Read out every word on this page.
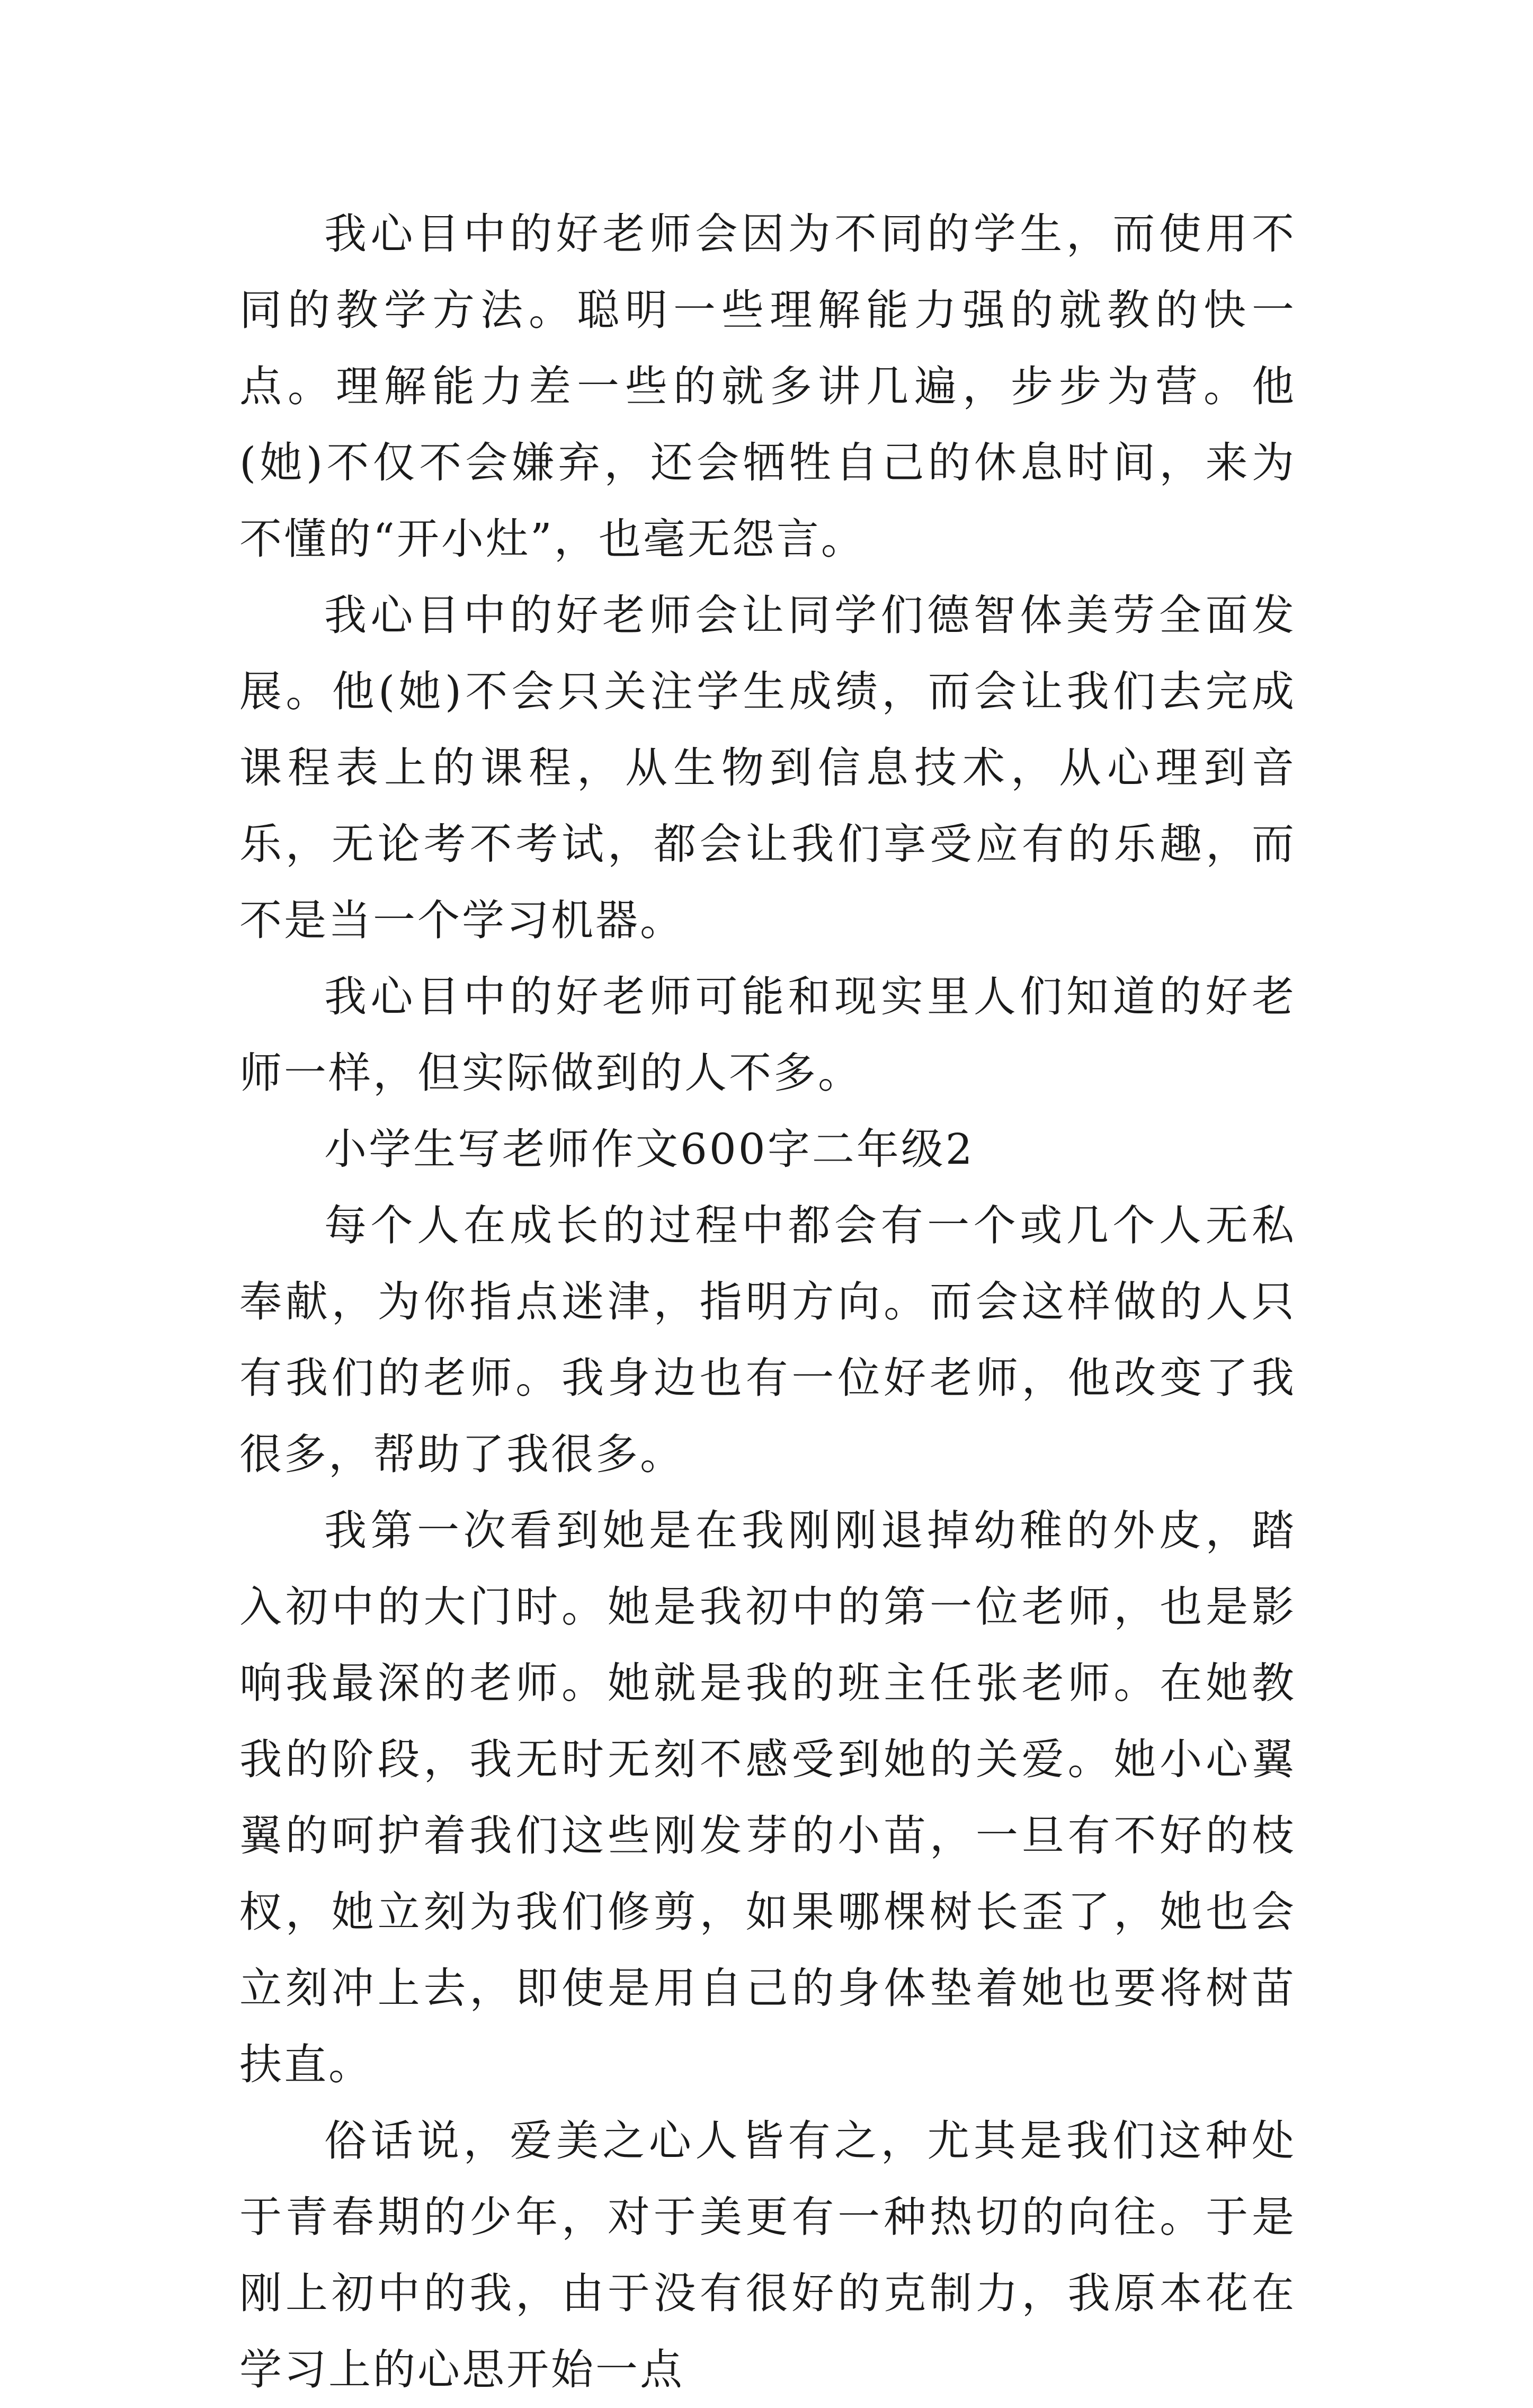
我心目中的好老师会因为不同的学生，而使用不同的教学方法。聪明一些理解能力强的就教的快一点。理解能力差一些的就多讲几遍，步步为营。他(她)不仅不会嫌弃，还会牺牲自己的休息时间，来为不懂的“开小灶”，也毫无怨言。

我心目中的好老师会让同学们德智体美劳全面发展。他(她)不会只关注学生成绩，而会让我们去完成课程表上的课程，从生物到信息技术，从心理到音乐，无论考不考试，都会让我们享受应有的乐趣，而不是当一个学习机器。

我心目中的好老师可能和现实里人们知道的好老师一样，但实际做到的人不多。

小学生写老师作文600字二年级2

每个人在成长的过程中都会有一个或几个人无私奉献，为你指点迷津，指明方向。而会这样做的人只有我们的老师。我身边也有一位好老师，他改变了我很多，帮助了我很多。

我第一次看到她是在我刚刚退掉幼稚的外皮，踏入初中的大门时。她是我初中的第一位老师，也是影响我最深的老师。她就是我的班主任张老师。在她教我的阶段，我无时无刻不感受到她的关爱。她小心翼翼的呵护着我们这些刚发芽的小苗，一旦有不好的枝杈，她立刻为我们修剪，如果哪棵树长歪了，她也会立刻冲上去，即使是用自己的身体垫着她也要将树苗扶直。

俗话说，爱美之心人皆有之，尤其是我们这种处于青春期的少年，对于美更有一种热切的向往。于是刚上初中的我，由于没有很好的克制力，我原本花在学习上的心思开始一点
